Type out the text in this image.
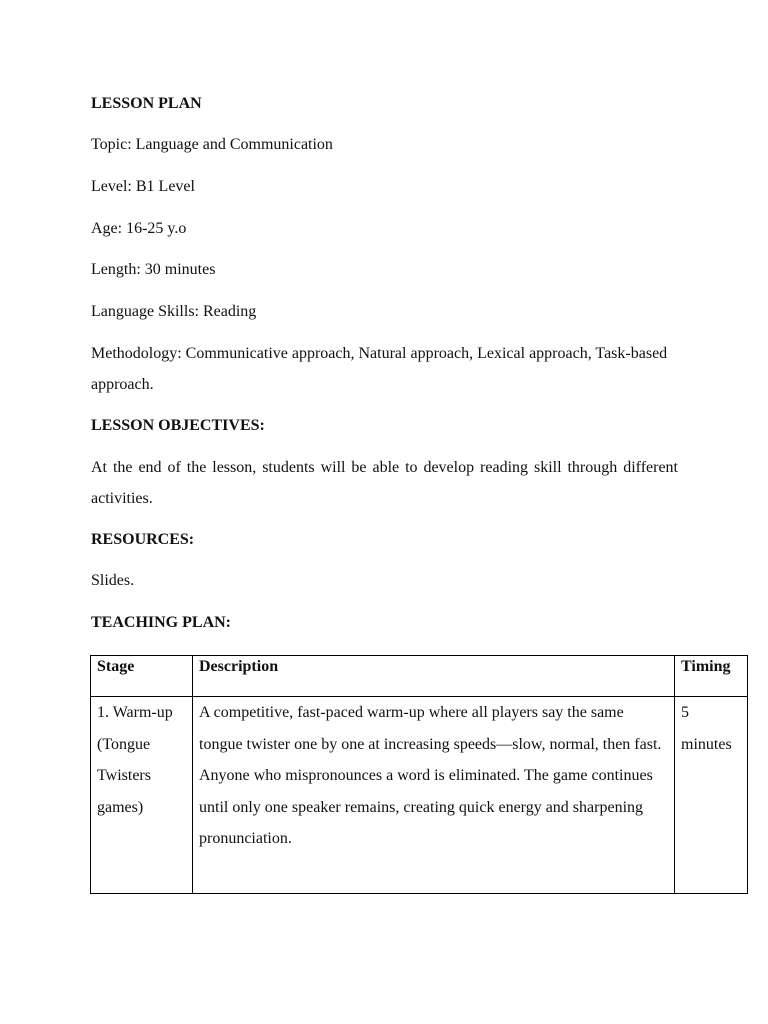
LESSON PLAN
Topic: Language and Communication
Level: B1 Level
Age: 16-25 y.o
Length: 30 minutes
Language Skills: Reading
Methodology: Communicative approach, Natural approach, Lexical approach, Task-based approach.
LESSON OBJECTIVES:
At the end of the lesson, students will be able to develop reading skill through different activities.
RESOURCES:
Slides.
TEACHING PLAN:
Stage	Description	Timing
1. Warm-up (Tongue Twisters games)	A competitive, fast-paced warm-up where all players say the same tongue twister one by one at increasing speeds—slow, normal, then fast. Anyone who mispronounces a word is eliminated. The game continues until only one speaker remains, creating quick energy and sharpening pronunciation.	5 minutes
